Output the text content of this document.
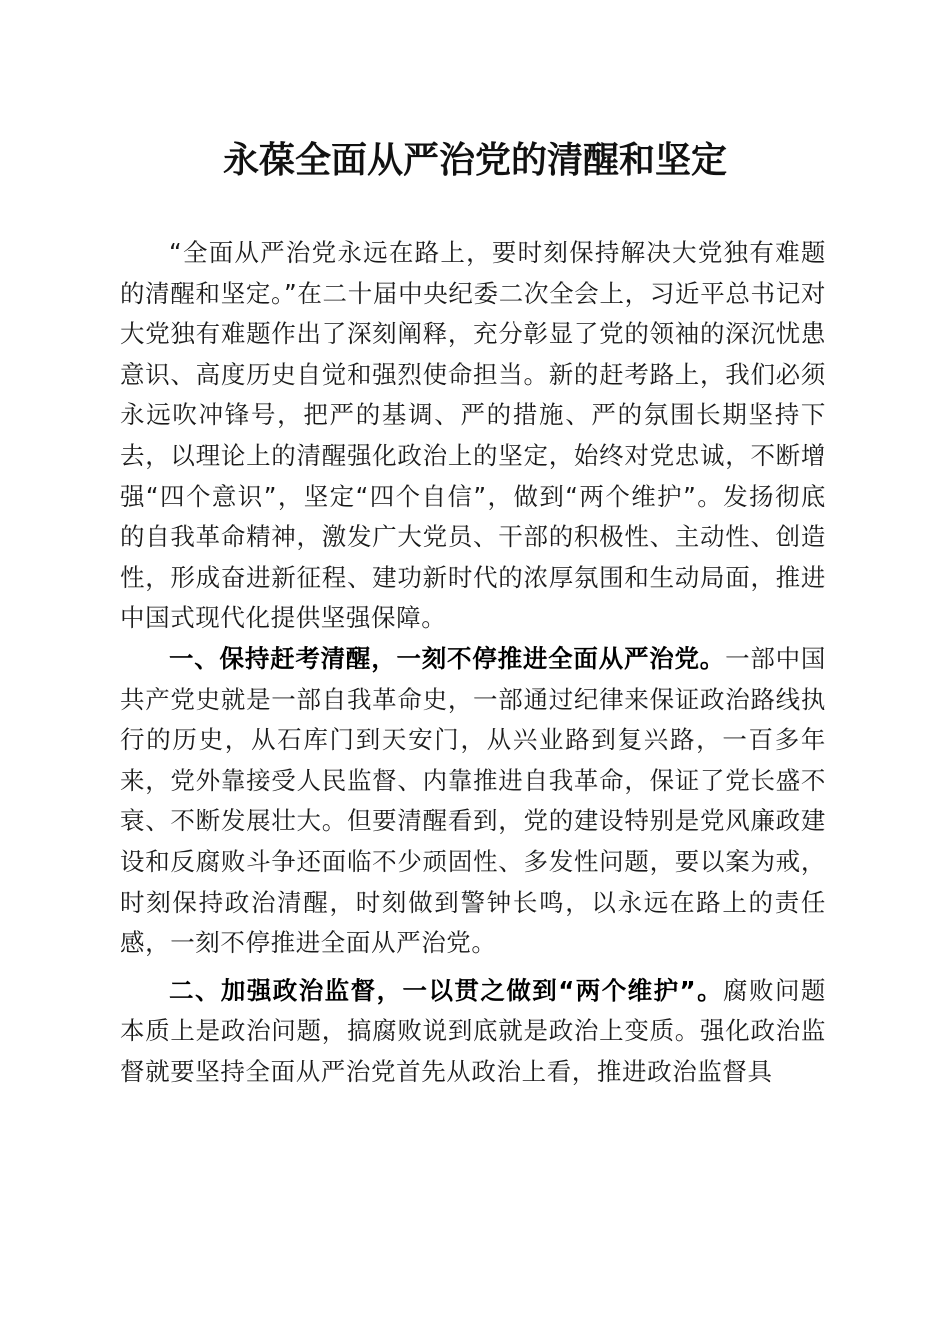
永葆全面从严治党的清醒和坚定

“全面从严治党永远在路上，要时刻保持解决大党独有难题的清醒和坚定。”在二十届中央纪委二次全会上，习近平总书记对大党独有难题作出了深刻阐释，充分彰显了党的领袖的深沉忧患意识、高度历史自觉和强烈使命担当。新的赶考路上，我们必须永远吹冲锋号，把严的基调、严的措施、严的氛围长期坚持下去，以理论上的清醒强化政治上的坚定，始终对党忠诚，不断增强“四个意识”，坚定“四个自信”，做到“两个维护”。发扬彻底的自我革命精神，激发广大党员、干部的积极性、主动性、创造性，形成奋进新征程、建功新时代的浓厚氛围和生动局面，推进中国式现代化提供坚强保障。

一、保持赶考清醒，一刻不停推进全面从严治党。一部中国共产党史就是一部自我革命史，一部通过纪律来保证政治路线执行的历史，从石库门到天安门，从兴业路到复兴路，一百多年来，党外靠接受人民监督、内靠推进自我革命，保证了党长盛不衰、不断发展壮大。但要清醒看到，党的建设特别是党风廉政建设和反腐败斗争还面临不少顽固性、多发性问题，要以案为戒，时刻保持政治清醒，时刻做到警钟长鸣，以永远在路上的责任感，一刻不停推进全面从严治党。

二、加强政治监督，一以贯之做到“两个维护”。腐败问题本质上是政治问题，搞腐败说到底就是政治上变质。强化政治监督就要坚持全面从严治党首先从政治上看，推进政治监督具
